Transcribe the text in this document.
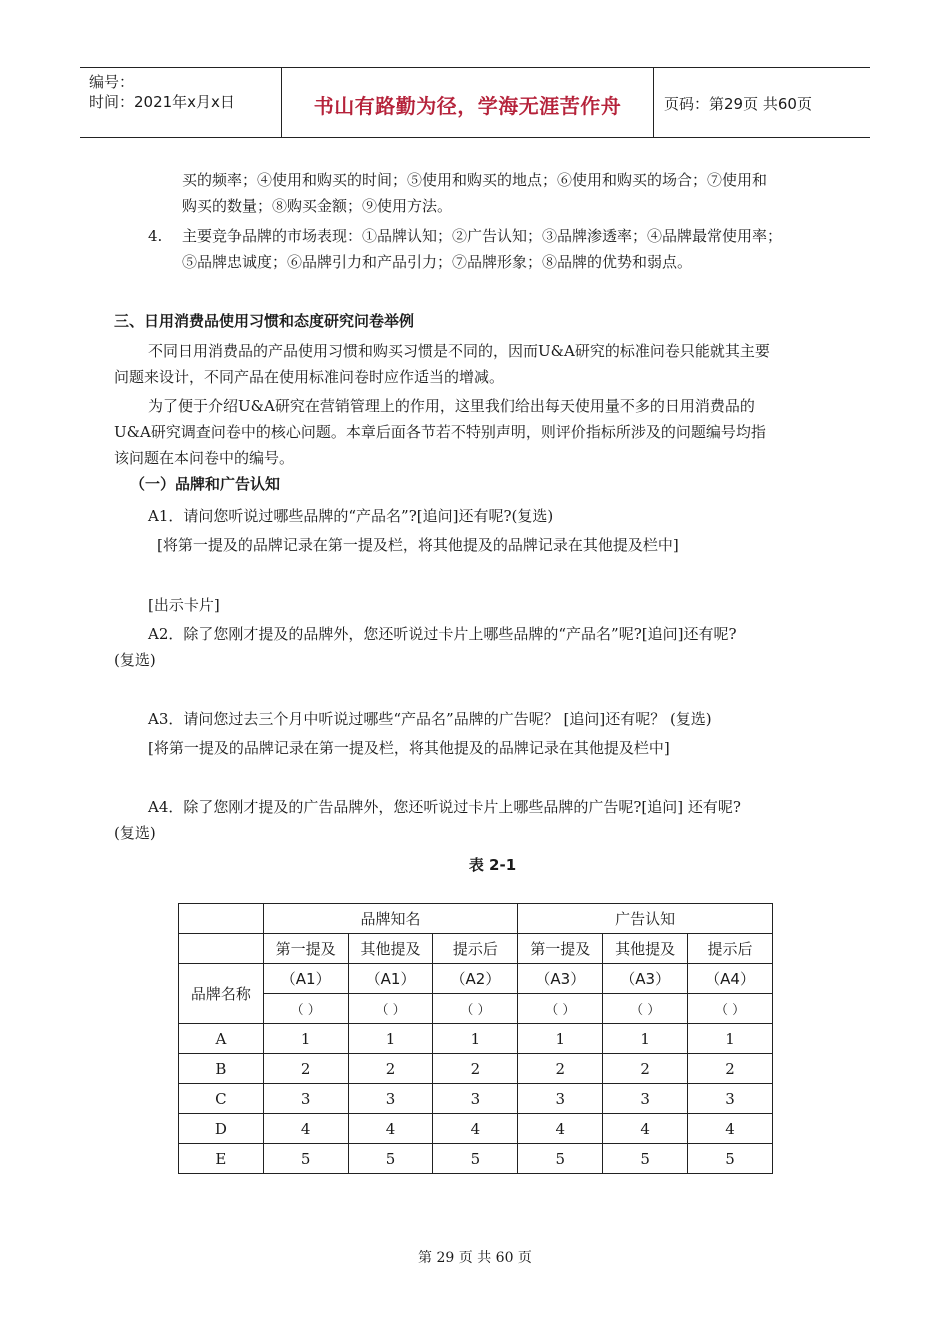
编号：
时间：2021年x月x日	书山有路勤为径，学海无涯苦作舟	页码：第29页 共60页
买的频率；④使用和购买的时间；⑤使用和购买的地点；⑥使用和购买的场合；⑦使用和
购买的数量；⑧购买金额；⑨使用方法。
4. 主要竞争品牌的市场表现：①品牌认知；②广告认知；③品牌渗透率；④品牌最常使用率；
⑤品牌忠诚度；⑥品牌引力和产品引力；⑦品牌形象；⑧品牌的优势和弱点。
三、日用消费品使用习惯和态度研究问卷举例
不同日用消费品的产品使用习惯和购买习惯是不同的，因而U&A研究的标准问卷只能就其主要
问题来设计，不同产品在使用标准问卷时应作适当的增减。
为了便于介绍U&A研究在营销管理上的作用，这里我们给出每天使用量不多的日用消费品的
U&A研究调查问卷中的核心问题。本章后面各节若不特别声明，则评价指标所涉及的问题编号均指
该问题在本问卷中的编号。
（一）品牌和广告认知
A1．请问您听说过哪些品牌的“产品名”?[追问]还有呢?(复选)
[将第一提及的品牌记录在第一提及栏，将其他提及的品牌记录在其他提及栏中]
[出示卡片]
A2．除了您刚才提及的品牌外，您还听说过卡片上哪些品牌的“产品名”呢?[追问]还有呢?
(复选)
A3．请问您过去三个月中听说过哪些“产品名”品牌的广告呢？ [追问]还有呢？ (复选)
[将第一提及的品牌记录在第一提及栏，将其他提及的品牌记录在其他提及栏中]
A4．除了您刚才提及的广告品牌外，您还听说过卡片上哪些品牌的广告呢?[追问] 还有呢?
(复选)
表 2-1
	品牌知名			广告认知		
	第一提及	其他提及	提示后	第一提及	其他提及	提示后
品牌名称	（A1）	（A1）	（A2）	（A3）	（A3）	（A4）
	（ ）	（ ）	（ ）	（ ）	（ ）	（ ）
A	1	1	1	1	1	1
B	2	2	2	2	2	2
C	3	3	3	3	3	3
D	4	4	4	4	4	4
E	5	5	5	5	5	5
第 29 页 共 60 页
